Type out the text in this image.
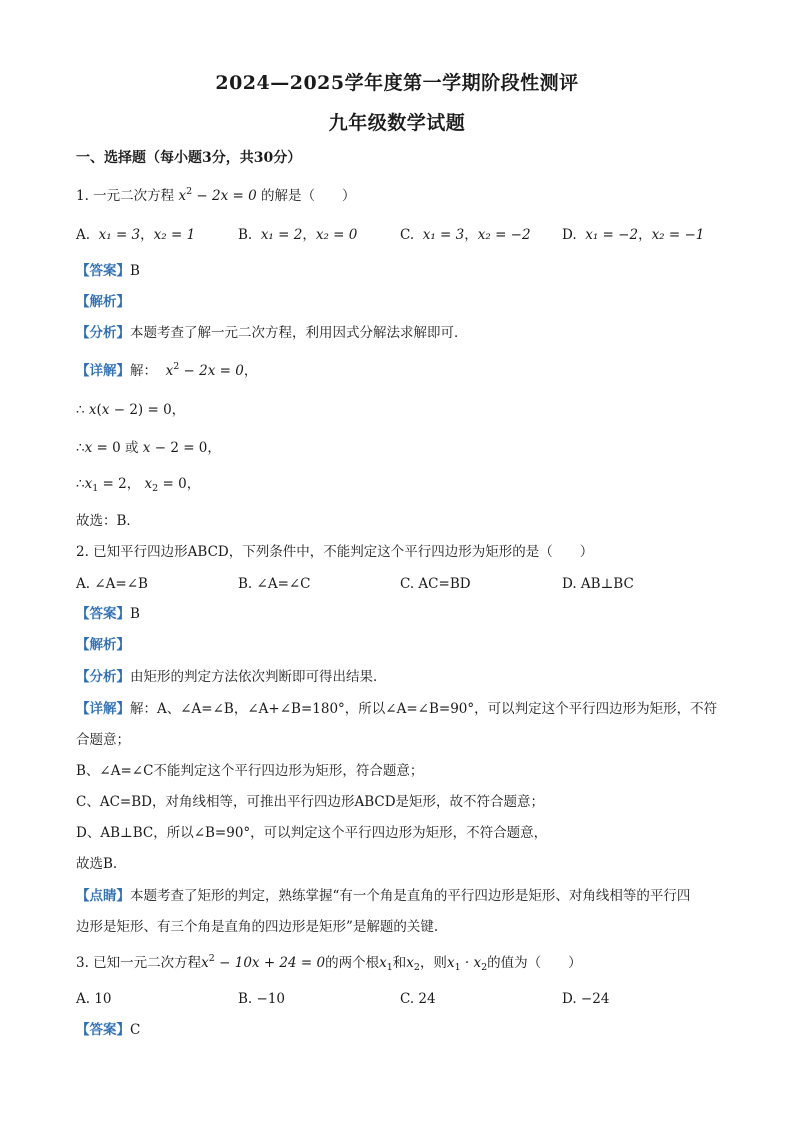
2024—2025学年度第一学期阶段性测评
九年级数学试题
一、选择题（每小题3分，共30分）
1. 一元二次方程 $x^2 - 2x = 0$ 的解是（　　）
A. x₁ = 3，x₂ = 1	B. x₁ = 2，x₂ = 0	C. x₁ = 3，x₂ = −2 D. x₁ = −2，x₂ = −1
【答案】B
【解析】
【分析】本题考查了解一元二次方程，利用因式分解法求解即可．
【详解】解： $x^2 - 2x = 0$，
∴ x(x − 2) = 0，
∴x = 0 或 x − 2 = 0，
$\therefore x_1 = 2$， $x_2 = 0$，
故选：B．
2. 已知平行四边形ABCD，下列条件中，不能判定这个平行四边形为矩形的是（　　）
A. ∠A=∠B	B. ∠A=∠C	C. AC=BD	D. AB⊥BC
【答案】B
【解析】
【分析】由矩形的判定方法依次判断即可得出结果．
【详解】解：A、∠A=∠B，∠A+∠B=180°，所以∠A=∠B=90°，可以判定这个平行四边形为矩形，不符
合题意；
B、∠A=∠C不能判定这个平行四边形为矩形，符合题意；
C、AC=BD，对角线相等，可推出平行四边形ABCD是矩形，故不符合题意；
D、AB⊥BC，所以∠B=90°，可以判定这个平行四边形为矩形，不符合题意，
故选B.
【点睛】本题考查了矩形的判定，熟练掌握“有一个角是直角的平行四边形是矩形、对角线相等的平行四
边形是矩形、有三个角是直角的四边形是矩形”是解题的关键.
3. 已知一元二次方程$x^2 - 10x + 24 = 0$的两个根$x_1$和$x_2$，则$x_1 \cdot x_2$的值为（　　）
A. 10	B. −10	C. 24	D. −24
【答案】C
